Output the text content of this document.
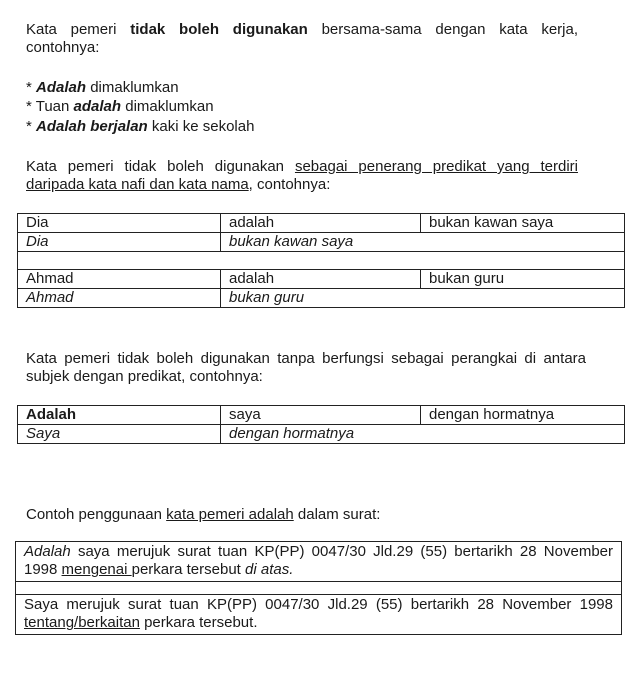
Kata pemeri tidak boleh digunakan bersama-sama dengan kata kerja, contohnya:
* Adalah dimaklumkan
* Tuan adalah dimaklumkan
* Adalah berjalan kaki ke sekolah
Kata pemeri tidak boleh digunakan sebagai penerang predikat yang terdiri daripada kata nafi dan kata nama, contohnya:
Dia	adalah	bukan kawan saya
Dia	bukan kawan saya	

Ahmad	adalah	bukan guru
Ahmad	bukan guru	
Kata pemeri tidak boleh digunakan tanpa berfungsi sebagai perangkai di antara subjek dengan predikat, contohnya:
Adalah	saya	dengan hormatnya
Saya	dengan hormatnya	
Contoh penggunaan kata pemeri adalah dalam surat:
Adalah saya merujuk surat tuan KP(PP) 0047/30 Jld.29 (55) bertarikh 28 November 1998 mengenai perkara tersebut di atas.
Saya merujuk surat tuan KP(PP) 0047/30 Jld.29 (55) bertarikh 28 November 1998 tentang/berkaitan perkara tersebut.
